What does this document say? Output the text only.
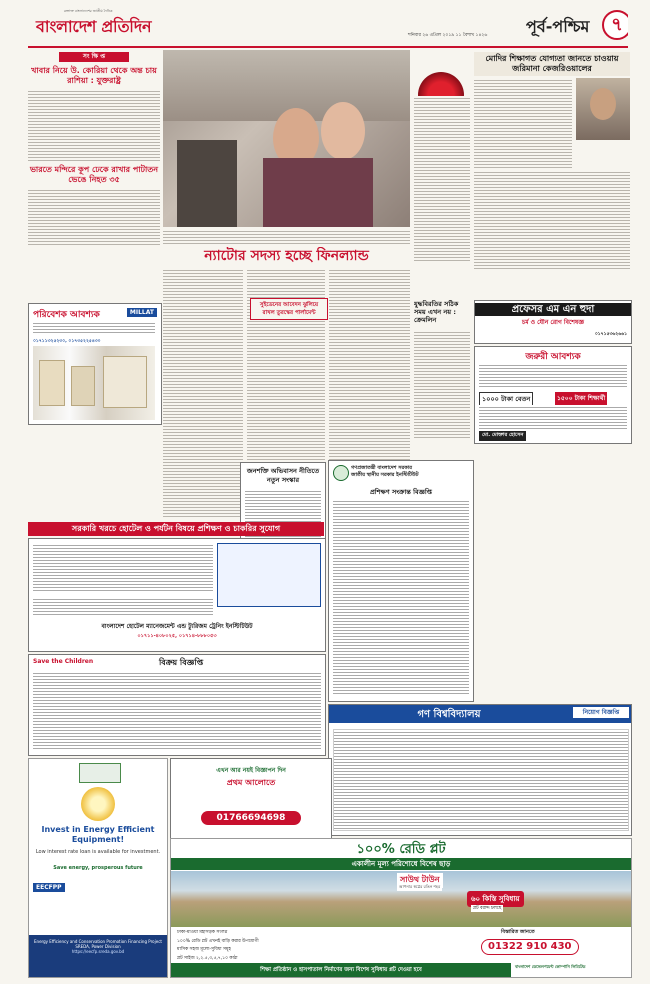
বাংলাদেশ প্রতিদিন
রক্তাক্ত বাংলাদেশের জাতীয় দৈনিক
শনিবার ২৬ এপ্রিল ২০১৯ ১১ বৈশাখ ১৪২৬ পূর্ব-পশ্চিম	৭
সং ক্ষি প্ত
খাবার নিয়ে উ. কোরিয়া থেকে অন্ত চায় রাশিয়া : যুক্তরাষ্ট্র
ভারতে মন্দিরে কূপ ঢেকে রাখার পাটাতন ভেঙে নিহত ৩৫
পরিবেশক আবশ্যক	MILLAT
০১৭১১৩২৫২৩০, ০১৭৩৫২২৫৪৩০
ন্যাটোর সদস্য হচ্ছে ফিনল্যান্ড
সুইডেনের আবেদন ঝুলিয়ে রাখল তুরস্কের পার্লামেন্ট
মোদির শিক্ষাগত যোগ্যতা জানতে চাওয়ায় জরিমানা কেজরিওয়ালের
প্রফেসর এম এন হুদা
চর্ম ও যৌন রোগ বিশেষজ্ঞ
০১৭১৫৩৬২৬৬১
জরুরী আবশ্যক
১০০০ টাকা বেতন	১৫০০ টাকা শিক্ষার্থী
মো. মোক্তার হোসেন
যুদ্ধবিরতির সঠিক সময় এখন নয় : ক্রেমলিন
জনশক্তি অভিবাসন নীতিতে নতুন সংস্কার
গণপ্রজাতন্ত্রী বাংলাদেশ সরকার
জাতীয় স্থানীয় সরকার ইনস্টিটিউট
প্রশিক্ষণ সংক্রান্ত বিজ্ঞপ্তি
সরকারি খরচে হোটেল ও পর্যটন বিষয়ে প্রশিক্ষণ ও চাকরির সুযোগ
বাংলাদেশ হোটেল ম্যানেজমেন্ট এন্ড ট্যুরিজম ট্রেনিং ইনস্টিটিউট
০১৭১১-৪০৮০২৫, ০১৭১৪-৮৮৮০৫৩
গণ বিশ্ববিদ্যালয়	নিয়োগ বিজ্ঞপ্তি
Save the Children	বিক্রয় বিজ্ঞপ্তি
এখন আর নয়ই বিজ্ঞাপন দিন
প্রথম আলোতে
01766694698
Invest in Energy Efficient Equipment!
Low interest rate loan is available for investment.
Save energy, prosperous future
EECFPP
Energy Efficiency and Conservation Promotion Financing Project
SREDA, Power Division
https://eecfp.sreda.gov.bd
১০০% রেডি প্লট
একালীন মূল্য পরিশোধে বিশেষ ছাড়
সাউথ টাউন
আপনার স্বপ্নের রঙিন শহর
৬০ কিস্তি সুবিধায়
প্লট বরাদ্দ চলছে
ঢাকা-মাওয়া মহাসড়ক সংলগ্ন
১০০% রেডি প্লট এখনই বাড়ি করার উপযোগী
মাসিক সহজ মূল্যে-সুবিধা সমূহ
প্লট সাইজ ২,২.৫,৩,৫,৭,১০ কাঠা
বিস্তারিত জানতে
01322 910 430
শিক্ষা প্রতিষ্ঠান ও হাসপাতাল নির্মাণের জন্য বিশেষ সুবিধায় প্লট দেওয়া হবে
বাংলাদেশ ডেভেলপমেন্ট কোম্পানি লিমিটেড
